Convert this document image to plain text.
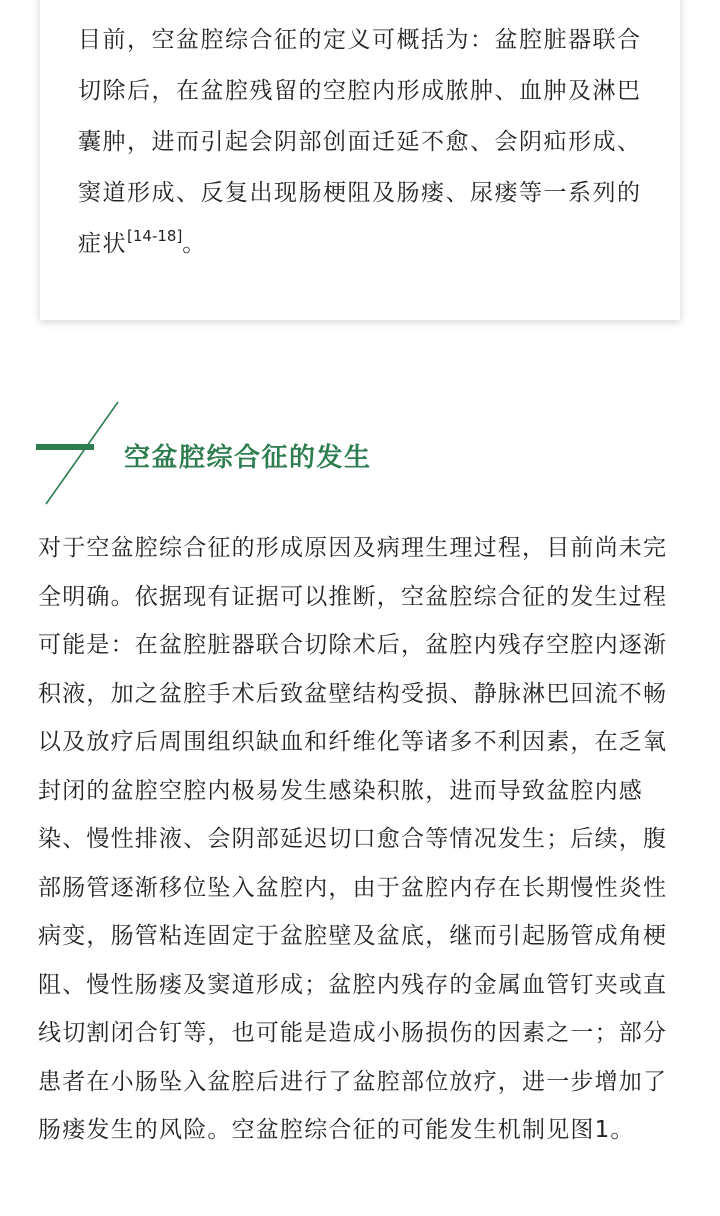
目前，空盆腔综合征的定义可概括为：盆腔脏器联合切除后，在盆腔残留的空腔内形成脓肿、血肿及淋巴囊肿，进而引起会阴部创面迁延不愈、会阴疝形成、窦道形成、反复出现肠梗阻及肠瘘、尿瘘等一系列的症状[14-18]。

空盆腔综合征的发生

对于空盆腔综合征的形成原因及病理生理过程，目前尚未完全明确。依据现有证据可以推断，空盆腔综合征的发生过程可能是：在盆腔脏器联合切除术后，盆腔内残存空腔内逐渐积液，加之盆腔手术后致盆壁结构受损、静脉淋巴回流不畅以及放疗后周围组织缺血和纤维化等诸多不利因素，在乏氧封闭的盆腔空腔内极易发生感染积脓，进而导致盆腔内感染、慢性排液、会阴部延迟切口愈合等情况发生；后续，腹部肠管逐渐移位坠入盆腔内，由于盆腔内存在长期慢性炎性病变，肠管粘连固定于盆腔壁及盆底，继而引起肠管成角梗阻、慢性肠瘘及窦道形成；盆腔内残存的金属血管钉夹或直线切割闭合钉等，也可能是造成小肠损伤的因素之一；部分患者在小肠坠入盆腔后进行了盆腔部位放疗，进一步增加了肠瘘发生的风险。空盆腔综合征的可能发生机制见图1。
